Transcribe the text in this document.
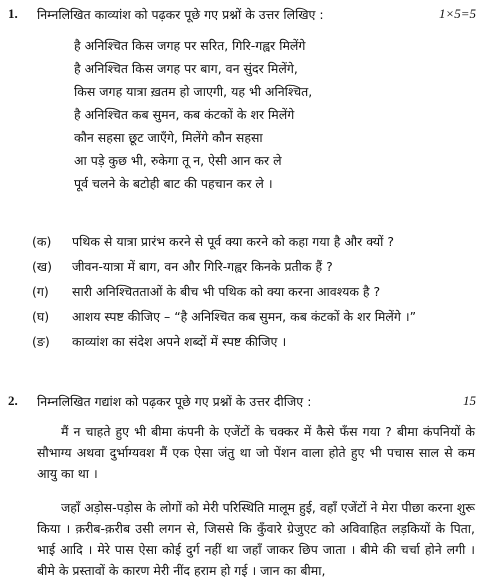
1. निम्नलिखित काव्यांश को पढ़कर पूछे गए प्रश्नों के उत्तर लिखिए :	1×5=5
है अनिश्चित किस जगह पर सरित, गिरि-गह्वर मिलेंगे
है अनिश्चित किस जगह पर बाग, वन सुंदर मिलेंगे,
किस जगह यात्रा ख़तम हो जाएगी, यह भी अनिश्चित,
है अनिश्चित कब सुमन, कब कंटकों के शर मिलेंगे
कौन सहसा छूट जाएँगे, मिलेंगे कौन सहसा
आ पड़े कुछ भी, रुकेगा तू न, ऐसी आन कर ले
पूर्व चलने के बटोही बाट की पहचान कर ले ।
(क)	पथिक से यात्रा प्रारंभ करने से पूर्व क्या करने को कहा गया है और क्यों ?
(ख)	जीवन-यात्रा में बाग, वन और गिरि-गह्वर किनके प्रतीक हैं ?
(ग)	सारी अनिश्चितताओं के बीच भी पथिक को क्या करना आवश्यक है ?
(घ)	आशय स्पष्ट कीजिए – “है अनिश्चित कब सुमन, कब कंटकों के शर मिलेंगे ।”
(ङ)	काव्यांश का संदेश अपने शब्दों में स्पष्ट कीजिए ।
2. निम्नलिखित गद्यांश को पढ़कर पूछे गए प्रश्नों के उत्तर दीजिए :	15

मैं न चाहते हुए भी बीमा कंपनी के एजेंटों के चक्कर में कैसे फँस गया ? बीमा कंपनियों के सौभाग्य अथवा दुर्भाग्यवश मैं एक ऐसा जंतु था जो पेंशन वाला होते हुए भी पचास साल से कम आयु का था ।

जहाँ अड़ोस-पड़ोस के लोगों को मेरी परिस्थिति मालूम हुई, वहाँ एजेंटों ने मेरा पीछा करना शुरू किया । क़रीब-क़रीब उसी लगन से, जिससे कि कुँवारे ग्रेजुएट को अविवाहित लड़कियों के पिता, भाई आदि । मेरे पास ऐसा कोई दुर्ग नहीं था जहाँ जाकर छिप जाता । बीमे की चर्चा होने लगी । बीमे के प्रस्तावों के कारण मेरी नींद हराम हो गई । जान का बीमा,
